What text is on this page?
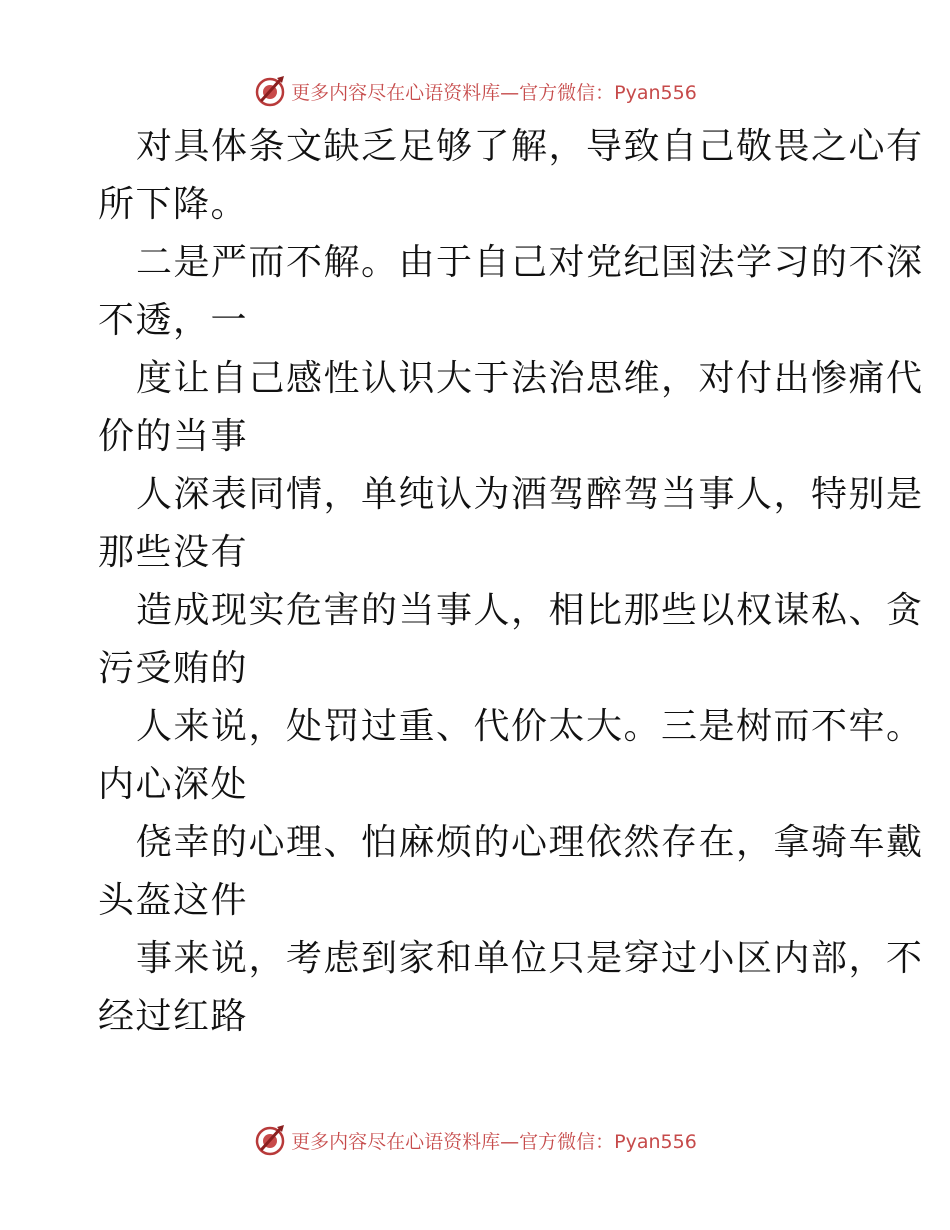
更多内容尽在心语资料库—官方微信：Pyan556
对具体条文缺乏足够了解，导致自己敬畏之心有
所下降。
二是严而不解。由于自己对党纪国法学习的不深
不透，一
度让自己感性认识大于法治思维，对付出惨痛代
价的当事
人深表同情，单纯认为酒驾醉驾当事人，特别是
那些没有
造成现实危害的当事人，相比那些以权谋私、贪
污受贿的
人来说，处罚过重、代价太大。三是树而不牢。
内心深处
侥幸的心理、怕麻烦的心理依然存在，拿骑车戴
头盔这件
事来说，考虑到家和单位只是穿过小区内部，不
经过红路
更多内容尽在心语资料库—官方微信：Pyan556
